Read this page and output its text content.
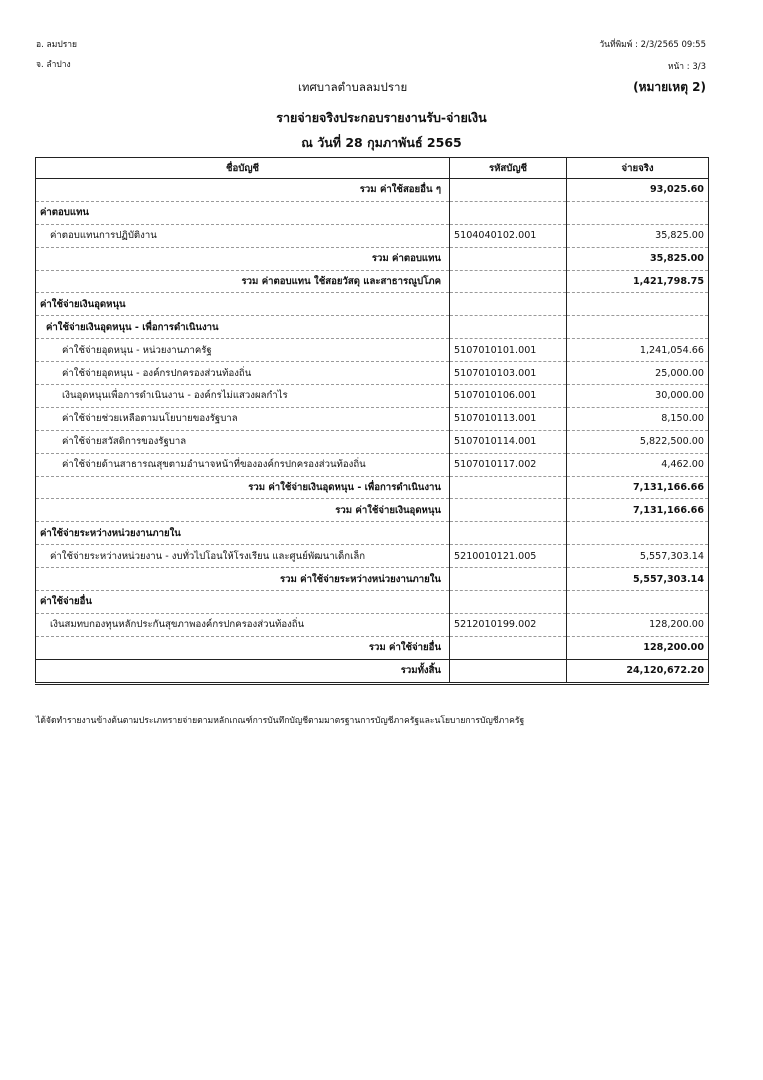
อ. ลมปราย
จ. ลำปาง
วันที่พิมพ์ : 2/3/2565 09:55
หน้า : 3/3
เทศบาลตำบลลมปราย	(หมายเหตุ 2)
รายจ่ายจริงประกอบรายงานรับ-จ่ายเงิน
ณ วันที่ 28 กุมภาพันธ์ 2565
ชื่อบัญชี	รหัสบัญชี	จ่ายจริง
รวม ค่าใช้สอยอื่น ๆ		93,025.60
ค่าตอบแทน		
ค่าตอบแทนการปฏิบัติงาน	5104040102.001	35,825.00
รวม ค่าตอบแทน		35,825.00
รวม ค่าตอบแทน ใช้สอยวัสดุ และสาธารณูปโภค		1,421,798.75
ค่าใช้จ่ายเงินอุดหนุน		
ค่าใช้จ่ายเงินอุดหนุน - เพื่อการดำเนินงาน		
ค่าใช้จ่ายอุดหนุน - หน่วยงานภาครัฐ	5107010101.001	1,241,054.66
ค่าใช้จ่ายอุดหนุน - องค์กรปกครองส่วนท้องถิ่น	5107010103.001	25,000.00
เงินอุดหนุนเพื่อการดำเนินงาน - องค์กรไม่แสวงผลกำไร	5107010106.001	30,000.00
ค่าใช้จ่ายช่วยเหลือตามนโยบายของรัฐบาล	5107010113.001	8,150.00
ค่าใช้จ่ายสวัสดิการของรัฐบาล	5107010114.001	5,822,500.00
ค่าใช้จ่ายด้านสาธารณสุขตามอำนาจหน้าที่ขององค์กรปกครองส่วนท้องถิ่น	5107010117.002	4,462.00
รวม ค่าใช้จ่ายเงินอุดหนุน - เพื่อการดำเนินงาน		7,131,166.66
รวม ค่าใช้จ่ายเงินอุดหนุน		7,131,166.66
ค่าใช้จ่ายระหว่างหน่วยงานภายใน		
ค่าใช้จ่ายระหว่างหน่วยงาน - งบทั่วไปโอนให้โรงเรียน และศูนย์พัฒนาเด็กเล็ก	5210010121.005	5,557,303.14
รวม ค่าใช้จ่ายระหว่างหน่วยงานภายใน		5,557,303.14
ค่าใช้จ่ายอื่น		
เงินสมทบกองทุนหลักประกันสุขภาพองค์กรปกครองส่วนท้องถิ่น	5212010199.002	128,200.00
รวม ค่าใช้จ่ายอื่น		128,200.00
รวมทั้งสิ้น		24,120,672.20
ได้จัดทำรายงานข้างต้นตามประเภทรายจ่ายตามหลักเกณฑ์การบันทึกบัญชีตามมาตรฐานการบัญชีภาครัฐและนโยบายการบัญชีภาครัฐ
